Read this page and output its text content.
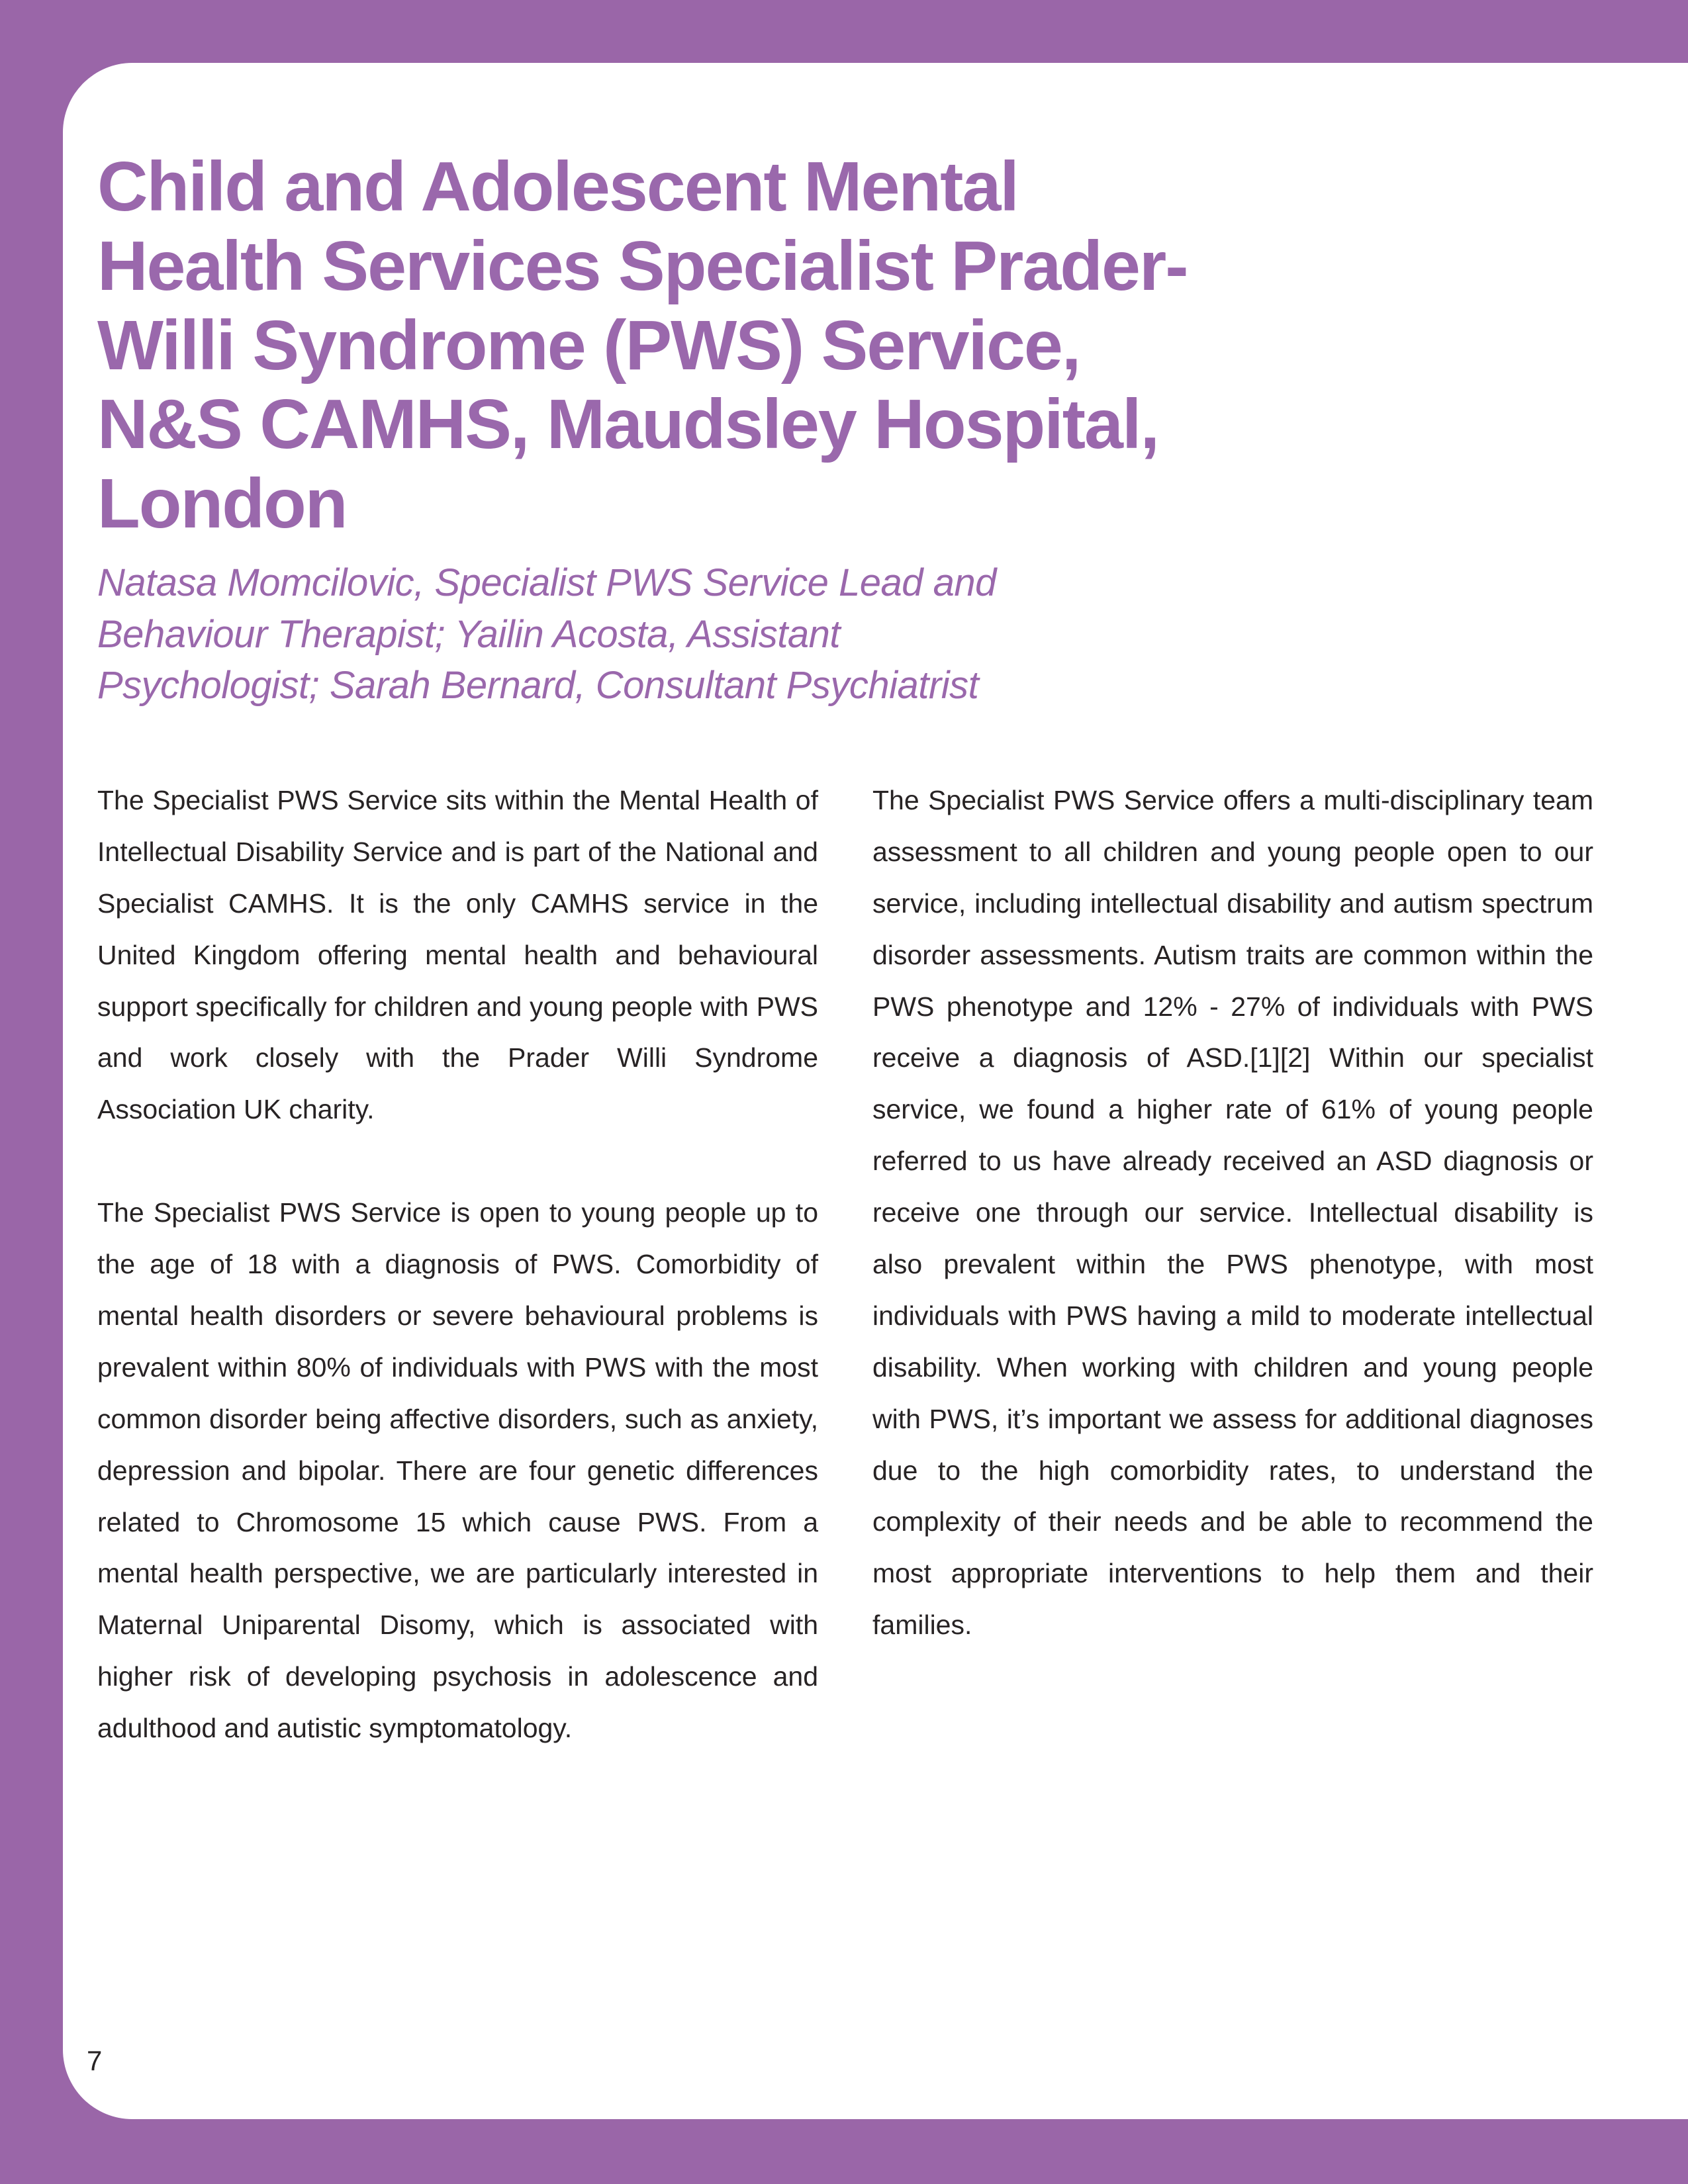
Child and Adolescent Mental
Health Services Specialist Prader-
Willi Syndrome (PWS) Service,
N&S CAMHS, Maudsley Hospital,
London

Natasa Momcilovic, Specialist PWS Service Lead and
Behaviour Therapist; Yailin Acosta, Assistant
Psychologist; Sarah Bernard, Consultant Psychiatrist

The Specialist PWS Service sits within the Mental Health of Intellectual Disability Service and is part of the National and Specialist CAMHS. It is the only CAMHS service in the United Kingdom offering mental health and behavioural support specifically for children and young people with PWS and work closely with the Prader Willi Syndrome Association UK charity.

The Specialist PWS Service is open to young people up to the age of 18 with a diagnosis of PWS. Comorbidity of mental health disorders or severe behavioural problems is prevalent within 80% of individuals with PWS with the most common disorder being affective disorders, such as anxiety, depression and bipolar. There are four genetic differences related to Chromosome 15 which cause PWS. From a mental health perspective, we are particularly interested in Maternal Uniparental Disomy, which is associated with higher risk of developing psychosis in adolescence and adulthood and autistic symptomatology.

The Specialist PWS Service offers a multi-disciplinary team assessment to all children and young people open to our service, including intellectual disability and autism spectrum disorder assessments. Autism traits are common within the PWS phenotype and 12% - 27% of individuals with PWS receive a diagnosis of ASD.[1][2] Within our specialist service, we found a higher rate of 61% of young people referred to us have already received an ASD diagnosis or receive one through our service. Intellectual disability is also prevalent within the PWS phenotype, with most individuals with PWS having a mild to moderate intellectual disability. When working with children and young people with PWS, it’s important we assess for additional diagnoses due to the high comorbidity rates, to understand the complexity of their needs and be able to recommend the most appropriate interventions to help them and their families.

7
